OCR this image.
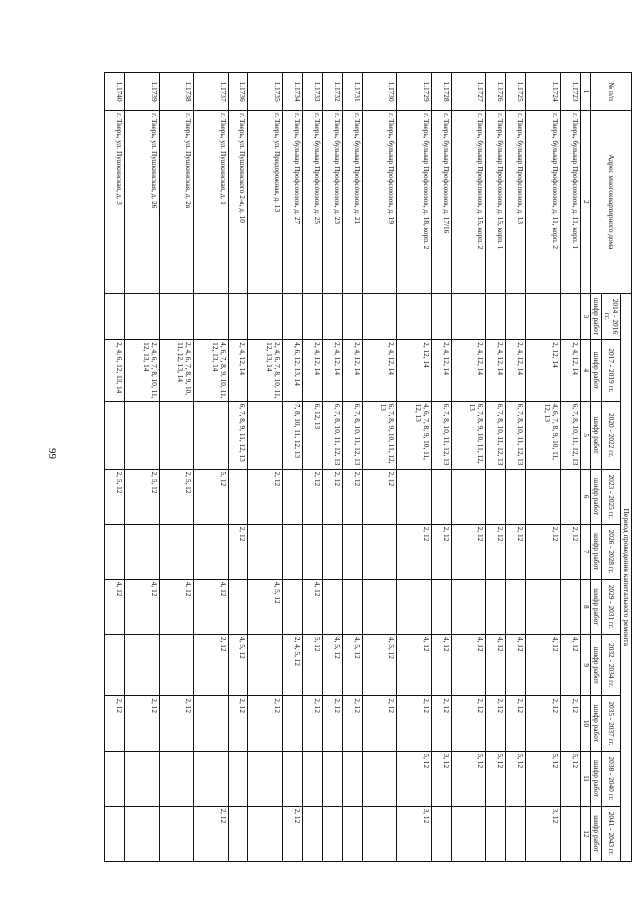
99
№ п/п	Адрес многоквартирного дома	Период проведения капитального ремонта									
		2014 - 2016 гг.	2017 - 2019 гг.	2020 - 2022 гг.	2023 - 2025 гг.	2026 - 2028 гг.	2029 - 2031 гг.	2032 - 2034 гг.	2035 - 2037 гг.	2038 - 2040 гг.	2041 - 2043 гг.
		шифр работ	шифр работ	шифр работ	шифр работ	шифр работ	шифр работ	шифр работ	шифр работ	шифр работ	шифр работ
1	2	3	4	5	6	7	8	9	10	11	12
1.1723	г. Тверь, бульвар Профсоюзов, д. 11, корп. 1		2, 4, 12, 14	6, 7, 8, 10, 11, 12, 13		2, 12		4, 12	2, 12	5, 12	
1.1724	г. Тверь, бульвар Профсоюзов, д. 11, корп. 2		2, 12, 14	4, 6, 7, 8, 9, 10, 11, 12, 13		2, 12		4, 12	2, 12	5, 12	3, 12
1.1725	г. Тверь, бульвар Профсоюзов, д. 13		2, 4, 12, 14	6, 7, 8, 10, 11, 12, 13		2, 12		4, 12	2, 12	5, 12	
1.1726	г. Тверь, бульвар Профсоюзов, д. 15, корп. 1		2, 4, 12, 14	6, 7, 8, 10, 11, 12, 13		2, 12		4, 12	2, 12	5, 12	
1.1727	г. Тверь, бульвар Профсоюзов, д. 15, корп. 2		2, 4, 12, 14	6, 7, 8, 9, 10, 11, 12, 13		2, 12		4, 12	2, 12	5, 12	
1.1728	г. Тверь, бульвар Профсоюзов, д. 17/16		2, 4, 12, 14	6, 7, 8, 10, 11, 12, 13		2, 12		4, 12	2, 12	3, 12	
1.1729	г. Тверь, бульвар Профсоюзов, д. 18, корп. 2		2, 12, 14	4, 6, 7, 8, 9, 10, 11, 12, 13		2, 12		4, 12	2, 12	5, 12	3, 12
1.1730	г. Тверь, бульвар Профсоюзов, д. 19		2, 4, 12, 14	6, 7, 8, 9, 10, 11, 12, 13	2, 12			4, 5, 12	2, 12		
1.1731	г. Тверь, бульвар Профсоюзов, д. 21		2, 4, 12, 14	6, 7, 8, 10, 11, 12, 13	2, 12			4, 5, 12	2, 12		
1.1732	г. Тверь, бульвар Профсоюзов, д. 23		2, 4, 12, 14	6, 7, 8, 10, 11, 12, 13	2, 12			4, 5, 12	2, 12		
1.1733	г. Тверь, бульвар Профсоюзов, д. 25		2, 4, 12, 14	6, 12, 13	2, 12		4, 12	5, 12	2, 12		
1.1734	г. Тверь, бульвар Профсоюзов, д. 27		4, 6, 12, 13, 14	7, 8, 10, 11, 12, 13				2, 4, 5, 12			2, 12
1.1735	г. Тверь, ул. Придорожная, д. 13		2, 4, 6, 7, 8, 10, 11, 12, 13, 14		2, 12		4, 5, 12		2, 12		
1.1736	г. Тверь, ул. Пушкинского 2-я, д. 10		2, 4, 12, 14	6, 7, 8, 9, 11, 12, 13		2, 12		4, 5, 12	2, 12		
1.1737	г. Тверь, ул. Пушкинская, д. 1		4, 6, 7, 8, 9, 10, 11, 12, 13, 14		5, 12		4, 12	2, 12			2, 12
1.1738	г. Тверь, ул. Пушкинская, д. 2в		2, 4, 6, 7, 8, 9, 10, 11, 12, 13, 14		2, 5, 12		4, 12		2, 12		
1.1739	г. Тверь, ул. Пушкинская, д. 26		2, 4, 6, 7, 8, 10, 11, 12, 13, 14		2, 5, 12		4, 12		2, 12		
1.1740	г. Тверь, ул. Пушкинская, д. 3		2, 4, 6, 12, 13, 14		2, 5, 12		4, 12		2, 12		
